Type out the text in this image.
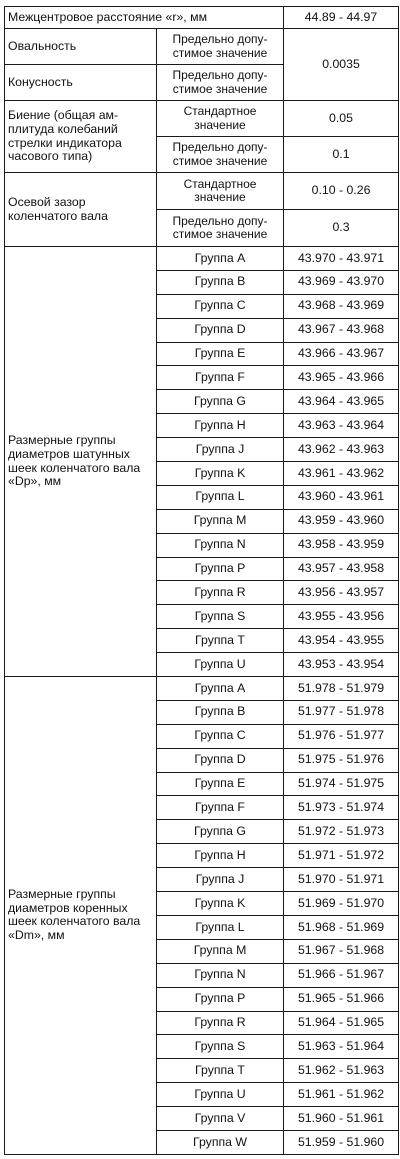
Межцентровое расстояние «r», мм		44.89 - 44.97
Овальность	Предельно допу-стимое значение	0.0035
Конусность	Предельно допу-стимое значение	
Биение (общая ам-плитуда колебаний стрелки индикатора часового типа)	Стандартное значение	0.05
	Предельно допу-стимое значение	0.1
Осевой зазор коленчатого вала	Стандартное значение	0.10 - 0.26
	Предельно допу-стимое значение	0.3
Размерные группы диаметров шатунных шеек коленчатого вала «Dp», мм	Группа A	43.970 - 43.971
	Группа B	43.969 - 43.970
	Группа C	43.968 - 43.969
	Группа D	43.967 - 43.968
	Группа E	43.966 - 43.967
	Группа F	43.965 - 43.966
	Группа G	43.964 - 43.965
	Группа H	43.963 - 43.964
	Группа J	43.962 - 43.963
	Группа K	43.961 - 43.962
	Группа L	43.960 - 43.961
	Группа M	43.959 - 43.960
	Группа N	43.958 - 43.959
	Группа P	43.957 - 43.958
	Группа R	43.956 - 43.957
	Группа S	43.955 - 43.956
	Группа T	43.954 - 43.955
	Группа U	43.953 - 43.954
Размерные группы диаметров коренных шеек коленчатого вала «Dm», мм	Группа A	51.978 - 51.979
	Группа B	51.977 - 51.978
	Группа C	51.976 - 51.977
	Группа D	51.975 - 51.976
	Группа E	51.974 - 51.975
	Группа F	51.973 - 51.974
	Группа G	51.972 - 51.973
	Группа H	51.971 - 51.972
	Группа J	51.970 - 51.971
	Группа K	51.969 - 51.970
	Группа L	51.968 - 51.969
	Группа M	51.967 - 51.968
	Группа N	51.966 - 51.967
	Группа P	51.965 - 51.966
	Группа R	51.964 - 51.965
	Группа S	51.963 - 51.964
	Группа T	51.962 - 51.963
	Группа U	51.961 - 51.962
	Группа V	51.960 - 51.961
	Группа W	51.959 - 51.960
